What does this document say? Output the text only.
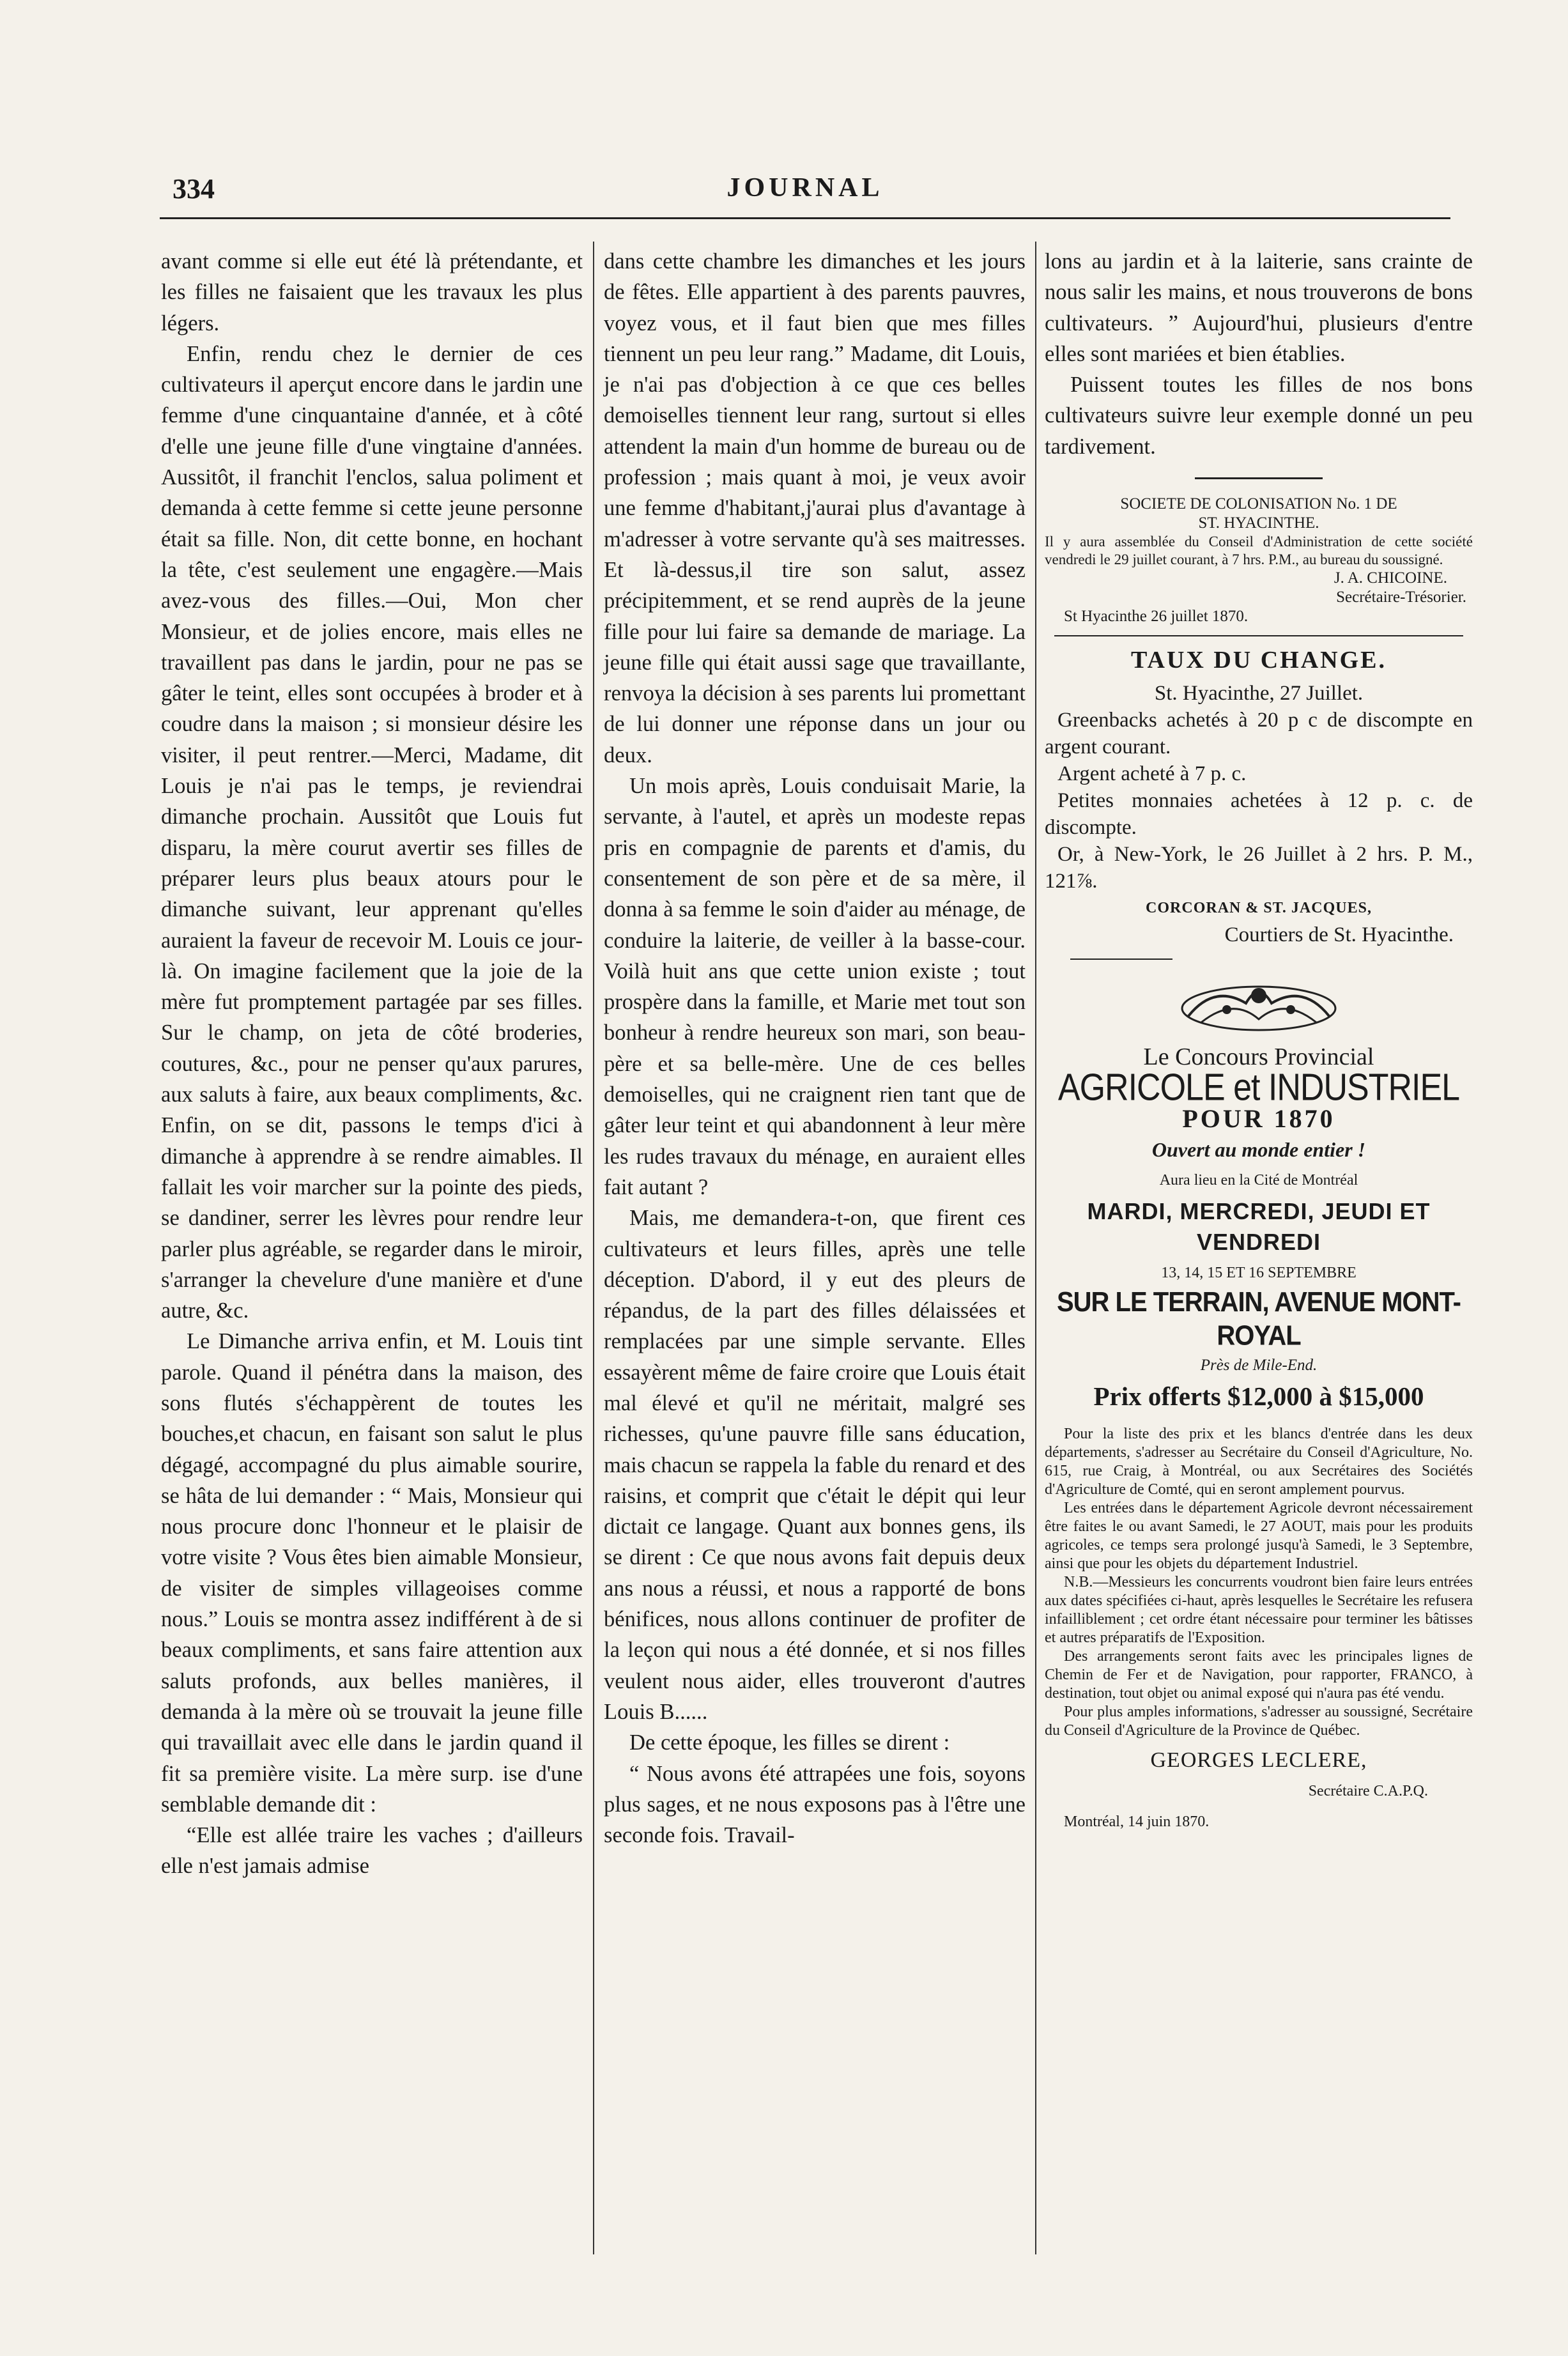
334	JOURNAL

avant comme si elle eut été là prétendante, et les filles ne faisaient que les travaux les plus légers.

Enfin, rendu chez le dernier de ces cultivateurs il aperçut encore dans le jardin une femme d'une cinquantaine d'année, et à côté d'elle une jeune fille d'une vingtaine d'années. Aussitôt, il franchit l'enclos, salua poliment et demanda à cette femme si cette jeune personne était sa fille. Non, dit cette bonne, en hochant la tête, c'est seulement une engagère.—Mais avez-vous des filles.—Oui, Mon cher Monsieur, et de jolies encore, mais elles ne travaillent pas dans le jardin, pour ne pas se gâter le teint, elles sont occupées à broder et à coudre dans la maison ; si monsieur désire les visiter, il peut rentrer.—Merci, Madame, dit Louis je n'ai pas le temps, je reviendrai dimanche prochain. Aussitôt que Louis fut disparu, la mère courut avertir ses filles de préparer leurs plus beaux atours pour le dimanche suivant, leur apprenant qu'elles auraient la faveur de recevoir M. Louis ce jour-là. On imagine facilement que la joie de la mère fut promptement partagée par ses filles. Sur le champ, on jeta de côté broderies, coutures, &c., pour ne penser qu'aux parures, aux saluts à faire, aux beaux compliments, &c. Enfin, on se dit, passons le temps d'ici à dimanche à apprendre à se rendre aimables. Il fallait les voir marcher sur la pointe des pieds, se dandiner, serrer les lèvres pour rendre leur parler plus agréable, se regarder dans le miroir, s'arranger la chevelure d'une manière et d'une autre, &c.

Le Dimanche arriva enfin, et M. Louis tint parole. Quand il pénétra dans la maison, des sons flutés s'échappèrent de toutes les bouches,et chacun, en faisant son salut le plus dégagé, accompagné du plus aimable sourire, se hâta de lui demander : “ Mais, Monsieur qui nous procure donc l'honneur et le plaisir de votre visite ? Vous êtes bien aimable Monsieur, de visiter de simples villageoises comme nous.” Louis se montra assez indifférent à de si beaux compliments, et sans faire attention aux saluts profonds, aux belles manières, il demanda à la mère où se trouvait la jeune fille qui travaillait avec elle dans le jardin quand il fit sa première visite. La mère surp. ise d'une semblable demande dit :

“Elle est allée traire les vaches ; d'ailleurs elle n'est jamais admise

dans cette chambre les dimanches et les jours de fêtes. Elle appartient à des parents pauvres, voyez vous, et il faut bien que mes filles tiennent un peu leur rang.” Madame, dit Louis, je n'ai pas d'objection à ce que ces belles demoiselles tiennent leur rang, surtout si elles attendent la main d'un homme de bureau ou de profession ; mais quant à moi, je veux avoir une femme d'habitant,j'aurai plus d'avantage à m'adresser à votre servante qu'à ses maitresses. Et là-dessus,il tire son salut, assez précipitemment, et se rend auprès de la jeune fille pour lui faire sa demande de mariage. La jeune fille qui était aussi sage que travaillante, renvoya la décision à ses parents lui promettant de lui donner une réponse dans un jour ou deux.

Un mois après, Louis conduisait Marie, la servante, à l'autel, et après un modeste repas pris en compagnie de parents et d'amis, du consentement de son père et de sa mère, il donna à sa femme le soin d'aider au ménage, de conduire la laiterie, de veiller à la basse-cour. Voilà huit ans que cette union existe ; tout prospère dans la famille, et Marie met tout son bonheur à rendre heureux son mari, son beau-père et sa belle-mère. Une de ces belles demoiselles, qui ne craignent rien tant que de gâter leur teint et qui abandonnent à leur mère les rudes travaux du ménage, en auraient elles fait autant ?

Mais, me demandera-t-on, que firent ces cultivateurs et leurs filles, après une telle déception. D'abord, il y eut des pleurs de répandus, de la part des filles délaissées et remplacées par une simple servante. Elles essayèrent même de faire croire que Louis était mal élevé et qu'il ne méritait, malgré ses richesses, qu'une pauvre fille sans éducation, mais chacun se rappela la fable du renard et des raisins, et comprit que c'était le dépit qui leur dictait ce langage. Quant aux bonnes gens, ils se dirent : Ce que nous avons fait depuis deux ans nous a réussi, et nous a rapporté de bons bénifices, nous allons continuer de profiter de la leçon qui nous a été donnée, et si nos filles veulent nous aider, elles trouveront d'autres Louis B......

De cette époque, les filles se dirent :

“ Nous avons été attrapées une fois, soyons plus sages, et ne nous exposons pas à l'être une seconde fois. Travail-

lons au jardin et à la laiterie, sans crainte de nous salir les mains, et nous trouverons de bons cultivateurs. ” Aujourd'hui, plusieurs d'entre elles sont mariées et bien établies.

Puissent toutes les filles de nos bons cultivateurs suivre leur exemple donné un peu tardivement.

SOCIETE DE COLONISATION No. 1 DE
ST. HYACINTHE.
Il y aura assemblée du Conseil d'Administration de cette société vendredi le 29 juillet courant, à 7 hrs. P.M., au bureau du soussigné.
J. A. CHICOINE.
Secrétaire-Trésorier.
St Hyacinthe 26 juillet 1870.
TAUX DU CHANGE.
St. Hyacinthe, 27 Juillet.
Greenbacks achetés à 20 p c de discompte en argent courant.
Argent acheté à 7 p. c.
Petites monnaies achetées à 12 p. c. de discompte.
Or, à New-York, le 26 Juillet à 2 hrs. P. M., 121⅞.
CORCORAN & ST. JACQUES,
Courtiers de St. Hyacinthe.
Le Concours Provincial
AGRICOLE et INDUSTRIEL
POUR 1870
Ouvert au monde entier !
Aura lieu en la Cité de Montréal
MARDI, MERCREDI, JEUDI ET VENDREDI
13, 14, 15 ET 16 SEPTEMBRE
SUR LE TERRAIN, AVENUE MONT-ROYAL
Près de Mile-End.
Prix offerts $12,000 à $15,000

Pour la liste des prix et les blancs d'entrée dans les deux départements, s'adresser au Secrétaire du Conseil d'Agriculture, No. 615, rue Craig, à Montréal, ou aux Secrétaires des Sociétés d'Agriculture de Comté, qui en seront amplement pourvus.

Les entrées dans le département Agricole devront nécessairement être faites le ou avant Samedi, le 27 AOUT, mais pour les produits agricoles, ce temps sera prolongé jusqu'à Samedi, le 3 Septembre, ainsi que pour les objets du département Industriel.

N.B.—Messieurs les concurrents voudront bien faire leurs entrées aux dates spécifiées ci-haut, après lesquelles le Secrétaire les refusera infailliblement ; cet ordre étant nécessaire pour terminer les bâtisses et autres préparatifs de l'Exposition.

Des arrangements seront faits avec les principales lignes de Chemin de Fer et de Navigation, pour rapporter, FRANCO, à destination, tout objet ou animal exposé qui n'aura pas été vendu.

Pour plus amples informations, s'adresser au soussigné, Secrétaire du Conseil d'Agriculture de la Province de Québec.

GEORGES LECLERE,
Secrétaire C.A.P.Q.
Montréal, 14 juin 1870.
